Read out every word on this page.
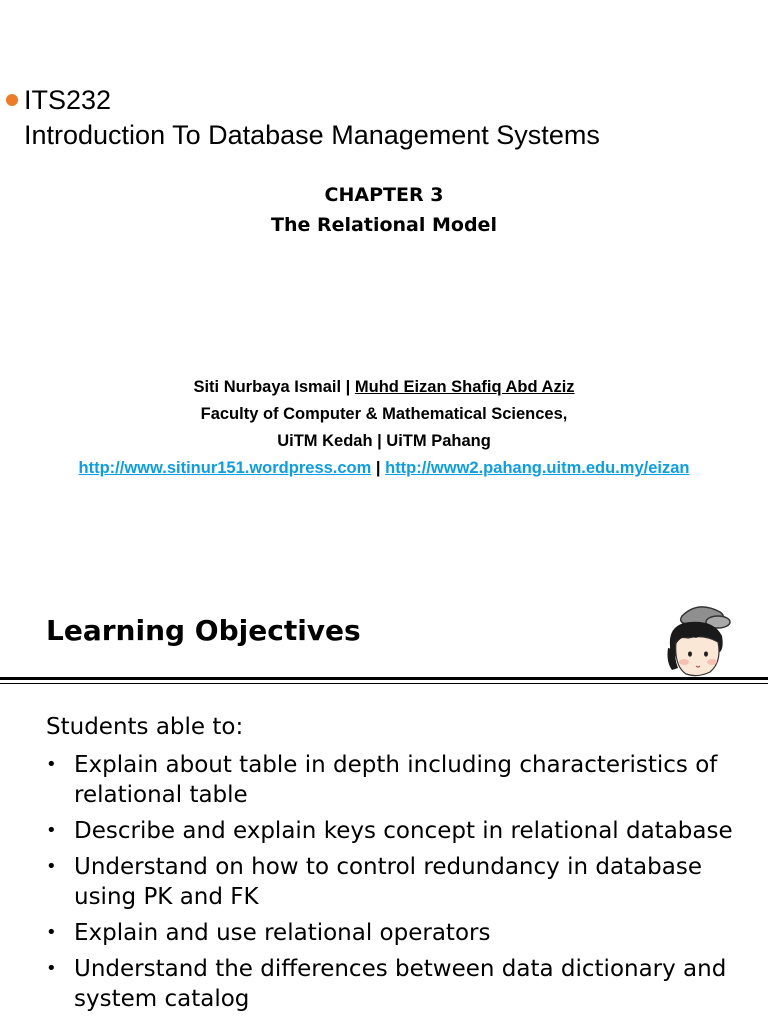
ITS232
Introduction To Database Management Systems
CHAPTER 3
The Relational Model
Siti Nurbaya Ismail | Muhd Eizan Shafiq Abd Aziz
Faculty of Computer & Mathematical Sciences,
UiTM Kedah | UiTM Pahang
http://www.sitinur151.wordpress.com | http://www2.pahang.uitm.edu.my/eizan
Learning Objectives
Students able to:
• Explain about table in depth including characteristics of relational table
• Describe and explain keys concept in relational database
• Understand on how to control redundancy in database using PK and FK
• Explain and use relational operators
• Understand the differences between data dictionary and system catalog
